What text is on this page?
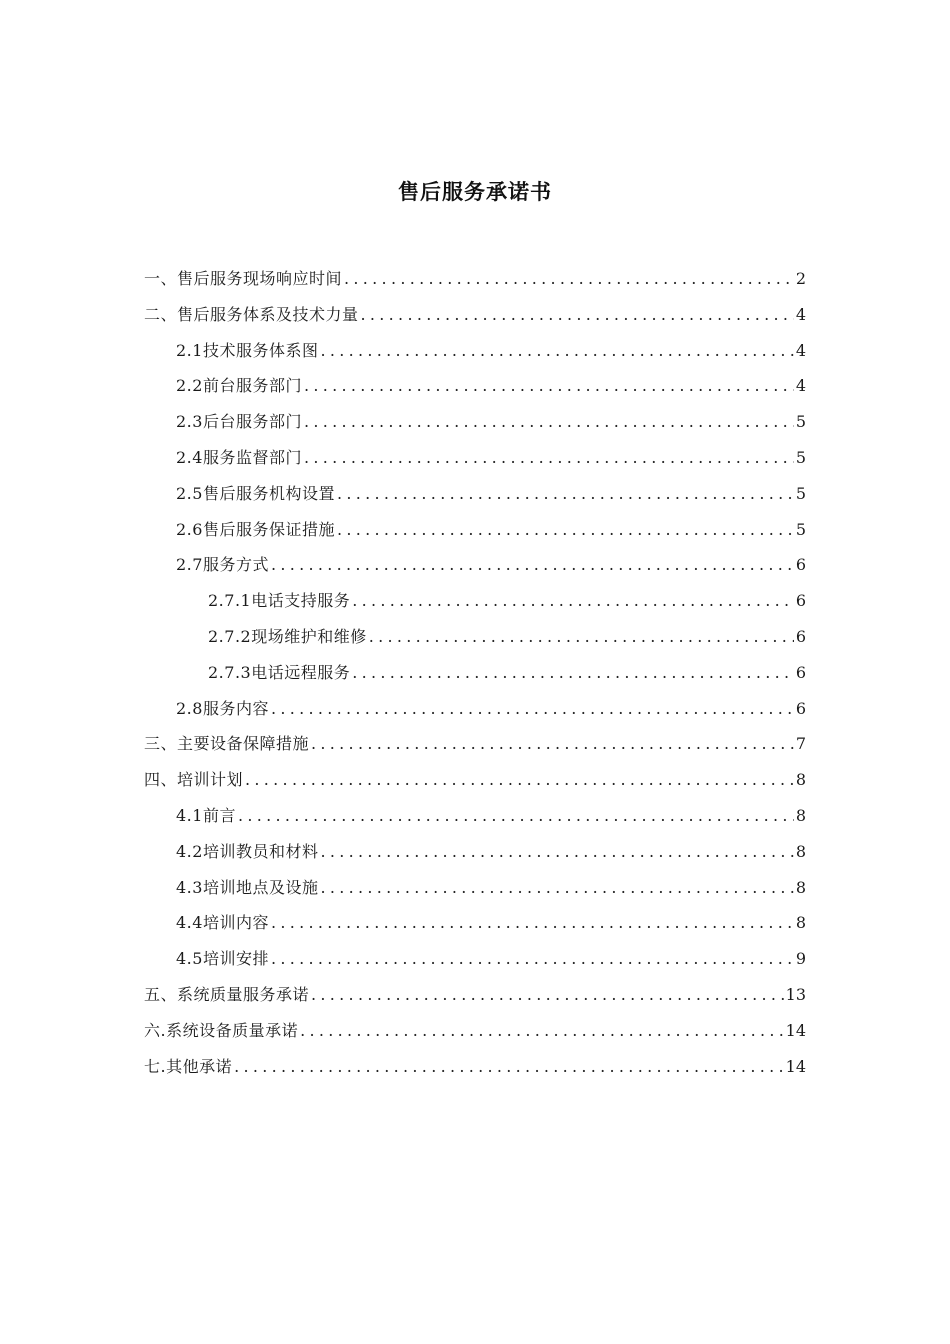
售后服务承诺书
一、售后服务现场响应时间 .....	2
二、售后服务体系及技术力量 .....	4
2.1技术服务体系图 .....	4
2.2前台服务部门 .....	4
2.3后台服务部门 .....	5
2.4服务监督部门 .....	5
2.5售后服务机构设置 .....	5
2.6售后服务保证措施 .....	5
2.7服务方式 .....	6
2.7.1电话支持服务 .....	6
2.7.2现场维护和维修 .....	6
2.7.3电话远程服务 .....	6
2.8服务内容 .....	6
三、主要设备保障措施 .....	7
四、培训计划 .....	8
4.1前言 .....	8
4.2培训教员和材料 .....	8
4.3培训地点及设施 .....	8
4.4培训内容 .....	8
4.5培训安排 .....	9
五、系统质量服务承诺 .....	13
六.系统设备质量承诺 .....	14
七.其他承诺 .....	14
